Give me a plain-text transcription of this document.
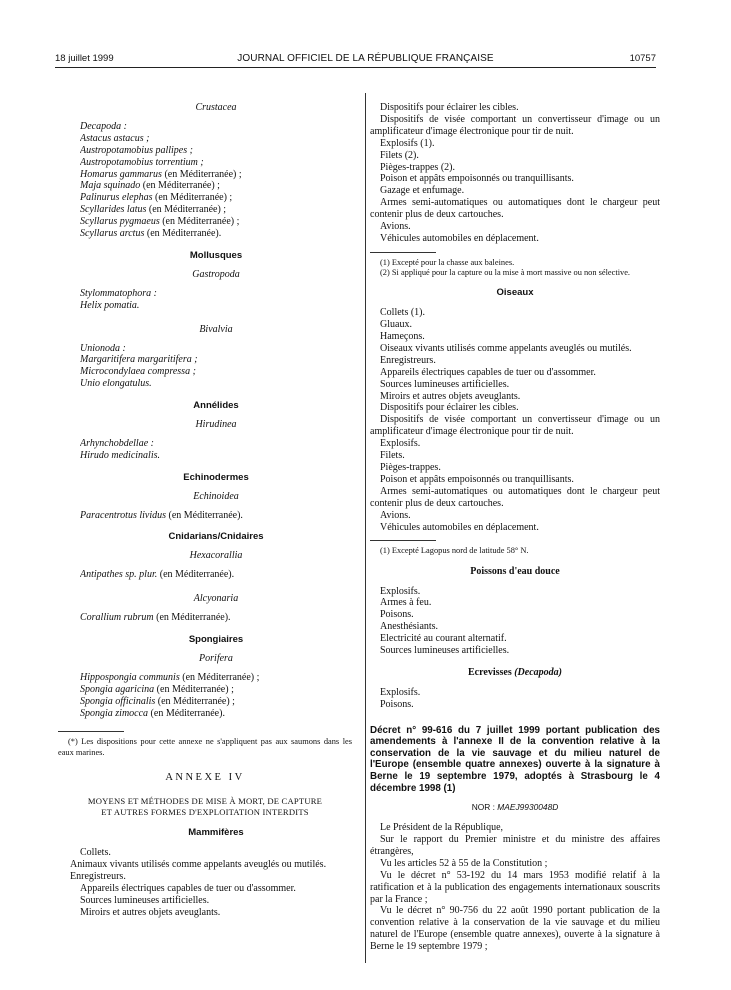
18 juillet 1999	JOURNAL OFFICIEL DE LA RÉPUBLIQUE FRANÇAISE	10757
Crustacea
Decapoda :
Astacus astacus ;
Austropotamobius pallipes ;
Austropotamobius torrentium ;
Homarus gammarus (en Méditerranée) ;
Maja squinado (en Méditerranée) ;
Palinurus elephas (en Méditerranée) ;
Scyllarides latus (en Méditerranée) ;
Scyllarus pygmaeus (en Méditerranée) ;
Scyllarus arctus (en Méditerranée).
Mollusques
Gastropoda
Stylommatophora :
Helix pomatia.
Bivalvia
Unionoda :
Margaritifera margaritifera ;
Microcondylaea compressa ;
Unio elongatulus.
Annélides
Hirudinea
Arhynchobdellae :
Hirudo medicinalis.
Echinodermes
Echinoidea
Paracentrotus lividus (en Méditerranée).
Cnidarians/Cnidaires
Hexacorallia
Antipathes sp. plur. (en Méditerranée).
Alcyonaria
Corallium rubrum (en Méditerranée).
Spongiaires
Porifera
Hippospongia communis (en Méditerranée) ;
Spongia agaricina (en Méditerranée) ;
Spongia officinalis (en Méditerranée) ;
Spongia zimocca (en Méditerranée).
(*) Les dispositions pour cette annexe ne s'appliquent pas aux saumons dans les eaux marines.
ANNEXE IV
MOYENS ET MÉTHODES DE MISE À MORT, DE CAPTURE
ET AUTRES FORMES D'EXPLOITATION INTERDITS
Mammifères
Collets.
Animaux vivants utilisés comme appelants aveuglés ou mutilés.
Enregistreurs.
Appareils électriques capables de tuer ou d'assommer.
Sources lumineuses artificielles.
Miroirs et autres objets aveuglants.
Dispositifs pour éclairer les cibles.
Dispositifs de visée comportant un convertisseur d'image ou un amplificateur d'image électronique pour tir de nuit.
Explosifs (1).
Filets (2).
Pièges-trappes (2).
Poison et appâts empoisonnés ou tranquillisants.
Gazage et enfumage.
Armes semi-automatiques ou automatiques dont le chargeur peut contenir plus de deux cartouches.
Avions.
Véhicules automobiles en déplacement.
(1) Excepté pour la chasse aux baleines.
(2) Si appliqué pour la capture ou la mise à mort massive ou non sélective.
Oiseaux
Collets (1).
Gluaux.
Hameçons.
Oiseaux vivants utilisés comme appelants aveuglés ou mutilés.
Enregistreurs.
Appareils électriques capables de tuer ou d'assommer.
Sources lumineuses artificielles.
Miroirs et autres objets aveuglants.
Dispositifs pour éclairer les cibles.
Dispositifs de visée comportant un convertisseur d'image ou un amplificateur d'image électronique pour tir de nuit.
Explosifs.
Filets.
Pièges-trappes.
Poison et appâts empoisonnés ou tranquillisants.
Armes semi-automatiques ou automatiques dont le chargeur peut contenir plus de deux cartouches.
Avions.
Véhicules automobiles en déplacement.
(1) Excepté Lagopus nord de latitude 58° N.
Poissons d'eau douce
Explosifs.
Armes à feu.
Poisons.
Anesthésiants.
Electricité au courant alternatif.
Sources lumineuses artificielles.
Ecrevisses (Decapoda)
Explosifs.
Poisons.
Décret n° 99-616 du 7 juillet 1999 portant publication des amendements à l'annexe II de la convention relative à la conservation de la vie sauvage et du milieu naturel de l'Europe (ensemble quatre annexes) ouverte à la signature à Berne le 19 septembre 1979, adoptés à Strasbourg le 4 décembre 1998 (1)
NOR : MAEJ9930048D
Le Président de la République,
Sur le rapport du Premier ministre et du ministre des affaires étrangères,
Vu les articles 52 à 55 de la Constitution ;
Vu le décret n° 53-192 du 14 mars 1953 modifié relatif à la ratification et à la publication des engagements internationaux souscrits par la France ;
Vu le décret n° 90-756 du 22 août 1990 portant publication de la convention relative à la conservation de la vie sauvage et du milieu naturel de l'Europe (ensemble quatre annexes), ouverte à la signature à Berne le 19 septembre 1979 ;
